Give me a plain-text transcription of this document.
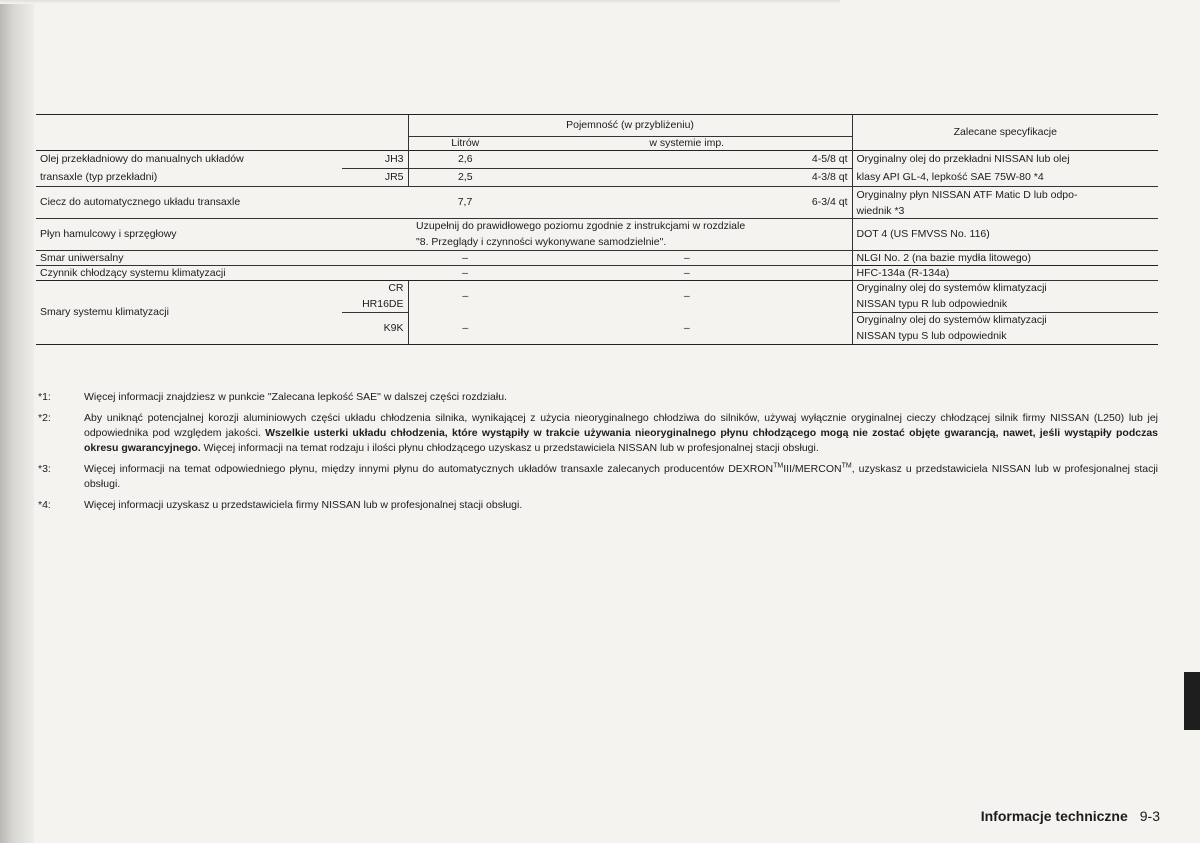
		Pojemność (w przybliżeniu)		Zalecane specyfikacje
		Litrów	w systemie imp.	
Olej przekładniowy do manualnych układów	JH3	2,6	4-5/8 qt	Oryginalny olej do przekładni NISSAN lub olej
transaxle (typ przekładni)	JR5	2,5	4-3/8 qt	klasy API GL-4, lepkość SAE 75W-80 *4
Ciecz do automatycznego układu transaxle		7,7	6-3/4 qt	Oryginalny płyn NISSAN ATF Matic D lub odpo-
				wiednik *3
Płyn hamulcowy i sprzęgłowy		Uzupełnij do prawidłowego poziomu zgodnie z instrukcjami w rozdziale		DOT 4 (US FMVSS No. 116)
		"8. Przeglądy i czynności wykonywane samodzielnie".		
Smar uniwersalny		–	–	NLGI No. 2 (na bazie mydła litowego)
Czynnik chłodzący systemu klimatyzacji		–	–	HFC-134a (R-134a)
Smary systemu klimatyzacji	CR	–	–	Oryginalny olej do systemów klimatyzacji
	HR16DE			NISSAN typu R lub odpowiednik
	K9K	–	–	Oryginalny olej do systemów klimatyzacji
				NISSAN typu S lub odpowiednik
*1:	Więcej informacji znajdziesz w punkcie "Zalecana lepkość SAE" w dalszej części rozdziału.
*2:	Aby uniknąć potencjalnej korozji aluminiowych części układu chłodzenia silnika, wynikającej z użycia nieoryginalnego chłodziwa do silników, używaj wyłącznie oryginalnej cieczy chłodzącej silnik firmy NISSAN (L250) lub jej odpowiednika pod względem jakości. Wszelkie usterki układu chłodzenia, które wystąpiły w trakcie używania nieoryginalnego płynu chłodzącego mogą nie zostać objęte gwarancją, nawet, jeśli wystąpiły podczas okresu gwarancyjnego. Więcej informacji na temat rodzaju i ilości płynu chłodzącego uzyskasz u przedstawiciela NISSAN lub w profesjonalnej stacji obsługi.
*3:	Więcej informacji na temat odpowiedniego płynu, między innymi płynu do automatycznych układów transaxle zalecanych producentów DEXRON™III/MERCON™, uzyskasz u przedstawiciela NISSAN lub w profesjonalnej stacji obsługi.
*4:	Więcej informacji uzyskasz u przedstawiciela firmy NISSAN lub w profesjonalnej stacji obsługi.
Informacje techniczne 9-3
